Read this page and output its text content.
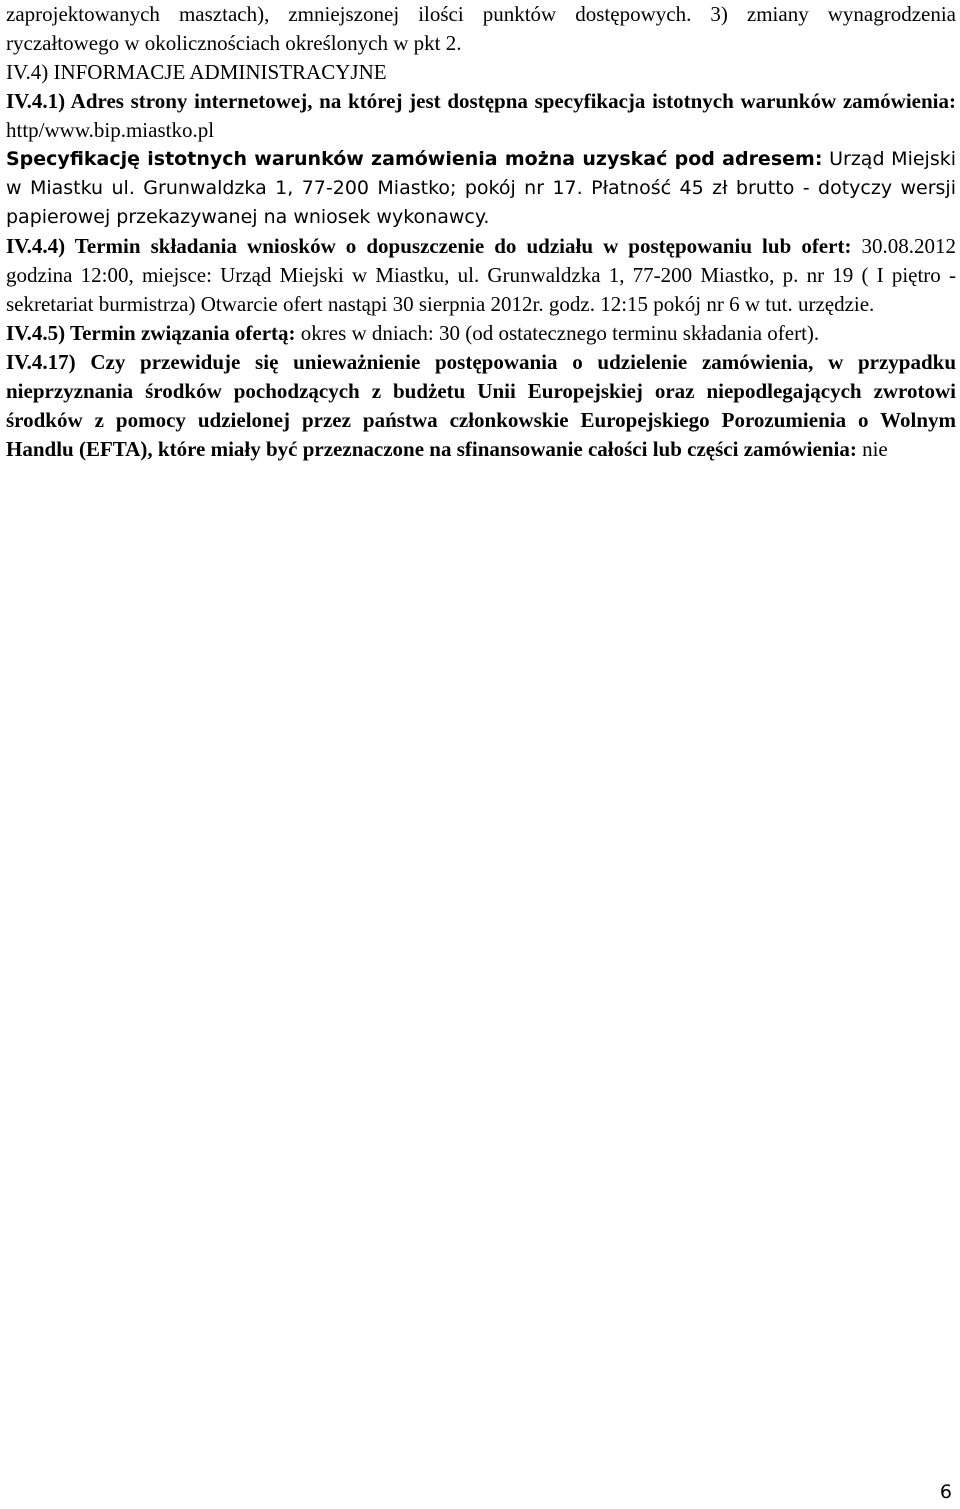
zaprojektowanych masztach), zmniejszonej ilości punktów dostępowych. 3) zmiany wynagrodzenia ryczałtowego w okolicznościach określonych w pkt 2.

IV.4) INFORMACJE ADMINISTRACYJNE

IV.4.1) Adres strony internetowej, na której jest dostępna specyfikacja istotnych warunków zamówienia: http/www.bip.miastko.pl

Specyfikację istotnych warunków zamówienia można uzyskać pod adresem: Urząd Miejski w Miastku ul. Grunwaldzka 1, 77-200 Miastko; pokój nr 17. Płatność 45 zł brutto - dotyczy wersji papierowej przekazywanej na wniosek wykonawcy.

IV.4.4) Termin składania wniosków o dopuszczenie do udziału w postępowaniu lub ofert: 30.08.2012 godzina 12:00, miejsce: Urząd Miejski w Miastku, ul. Grunwaldzka 1, 77-200 Miastko, p. nr 19 ( I piętro - sekretariat burmistrza) Otwarcie ofert nastąpi 30 sierpnia 2012r. godz. 12:15 pokój nr 6 w tut. urzędzie.

IV.4.5) Termin związania ofertą: okres w dniach: 30 (od ostatecznego terminu składania ofert).

IV.4.17) Czy przewiduje się unieważnienie postępowania o udzielenie zamówienia, w przypadku nieprzyznania środków pochodzących z budżetu Unii Europejskiej oraz niepodlegających zwrotowi środków z pomocy udzielonej przez państwa członkowskie Europejskiego Porozumienia o Wolnym Handlu (EFTA), które miały być przeznaczone na sfinansowanie całości lub części zamówienia: nie

6
